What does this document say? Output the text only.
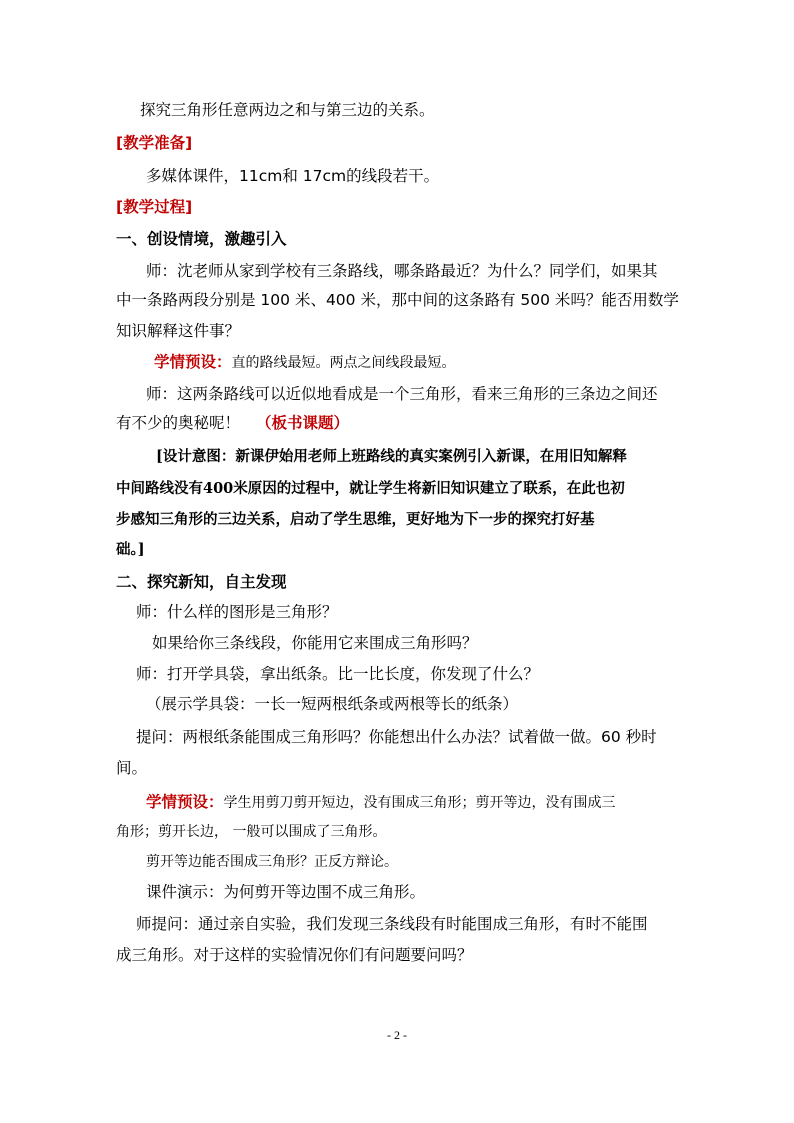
探究三角形任意两边之和与第三边的关系。
[教学准备]
多媒体课件，11cm和 17cm的线段若干。
[教学过程]
一、创设情境，激趣引入
师：沈老师从家到学校有三条路线，哪条路最近？为什么？同学们，如果其
中一条路两段分别是 100 米、400 米，那中间的这条路有 500 米吗？能否用数学
知识解释这件事？
学情预设：直的路线最短。两点之间线段最短。
师：这两条路线可以近似地看成是一个三角形，看来三角形的三条边之间还
有不少的奥秘呢！ （板书课题）
[设计意图：新课伊始用老师上班路线的真实案例引入新课，在用旧知解释
中间路线没有400米原因的过程中，就让学生将新旧知识建立了联系，在此也初
步感知三角形的三边关系，启动了学生思维，更好地为下一步的探究打好基
础。]
二、探究新知，自主发现
师：什么样的图形是三角形？
如果给你三条线段，你能用它来围成三角形吗？
师：打开学具袋，拿出纸条。比一比长度，你发现了什么？
（展示学具袋：一长一短两根纸条或两根等长的纸条）
提问：两根纸条能围成三角形吗？你能想出什么办法？试着做一做。60 秒时
间。
学情预设：学生用剪刀剪开短边，没有围成三角形；剪开等边，没有围成三
角形；剪开长边， 一般可以围成了三角形。
剪开等边能否围成三角形？正反方辩论。
课件演示：为何剪开等边围不成三角形。
师提问：通过亲自实验，我们发现三条线段有时能围成三角形，有时不能围
成三角形。对于这样的实验情况你们有问题要问吗？
- 2 -
